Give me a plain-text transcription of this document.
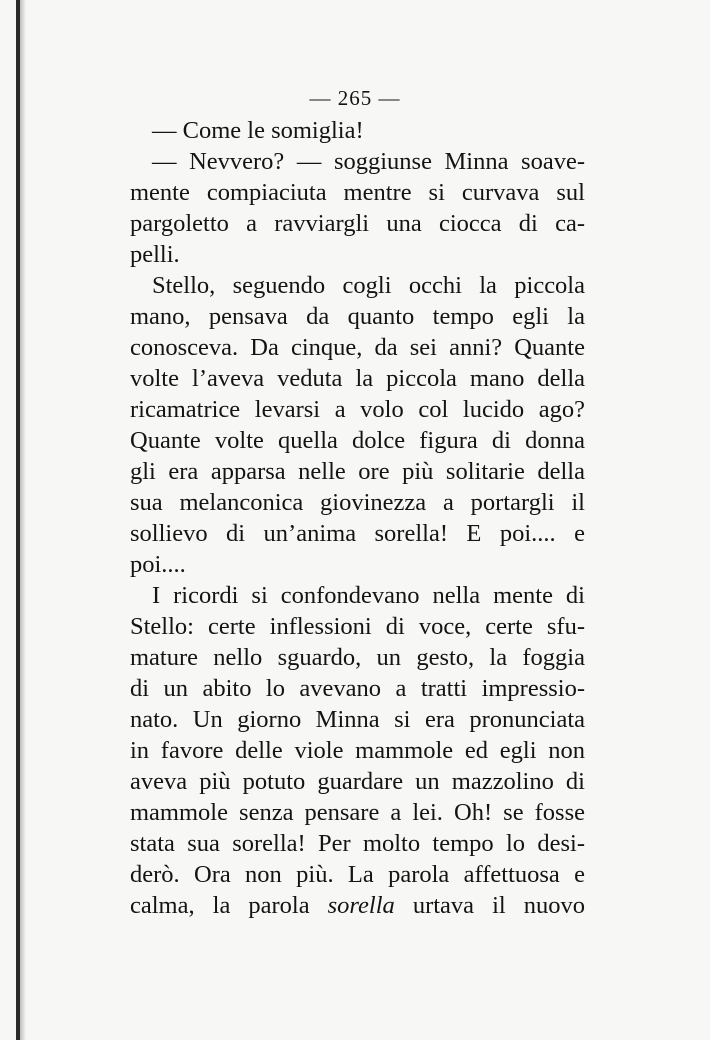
— 265 —
— Come le somiglia!
— Nevvero? — soggiunse Minna soave-
mente compiaciuta mentre si curvava sul
pargoletto a ravviargli una ciocca di ca-
pelli.
Stello, seguendo cogli occhi la piccola
mano, pensava da quanto tempo egli la
conosceva. Da cinque, da sei anni? Quante
volte l’aveva veduta la piccola mano della
ricamatrice levarsi a volo col lucido ago?
Quante volte quella dolce figura di donna
gli era apparsa nelle ore più solitarie della
sua melanconica giovinezza a portargli il
sollievo di un’anima sorella! E poi.... e
poi....
I ricordi si confondevano nella mente di
Stello: certe inflessioni di voce, certe sfu-
mature nello sguardo, un gesto, la foggia
di un abito lo avevano a tratti impressio-
nato. Un giorno Minna si era pronunciata
in favore delle viole mammole ed egli non
aveva più potuto guardare un mazzolino di
mammole senza pensare a lei. Oh! se fosse
stata sua sorella! Per molto tempo lo desi-
derò. Ora non più. La parola affettuosa e
calma, la parola sorella urtava il nuovo
